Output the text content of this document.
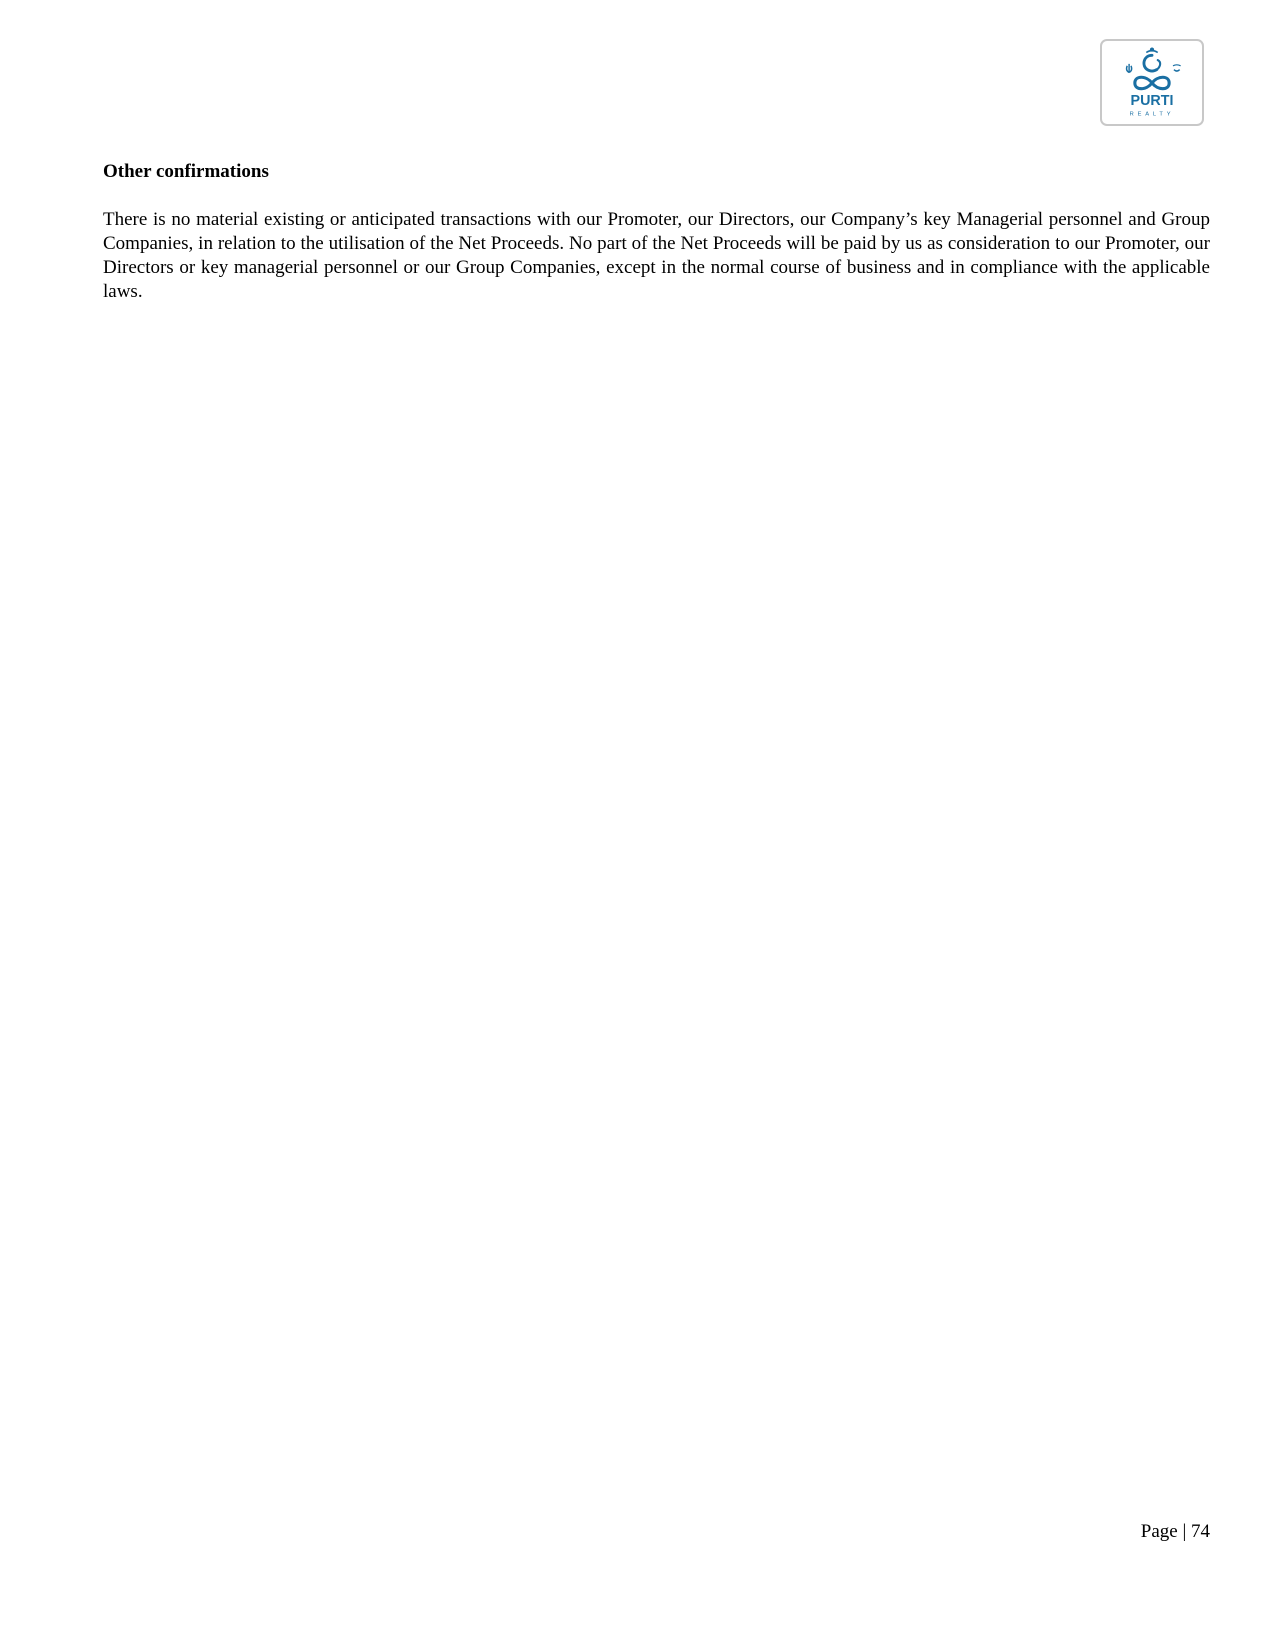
PURTI
REALTY
Other confirmations

There is no material existing or anticipated transactions with our Promoter, our Directors, our Company’s key Managerial personnel and Group Companies, in relation to the utilisation of the Net Proceeds. No part of the Net Proceeds will be paid by us as consideration to our Promoter, our Directors or key managerial personnel or our Group Companies, except in the normal course of business and in compliance with the applicable laws.

Page | 74
